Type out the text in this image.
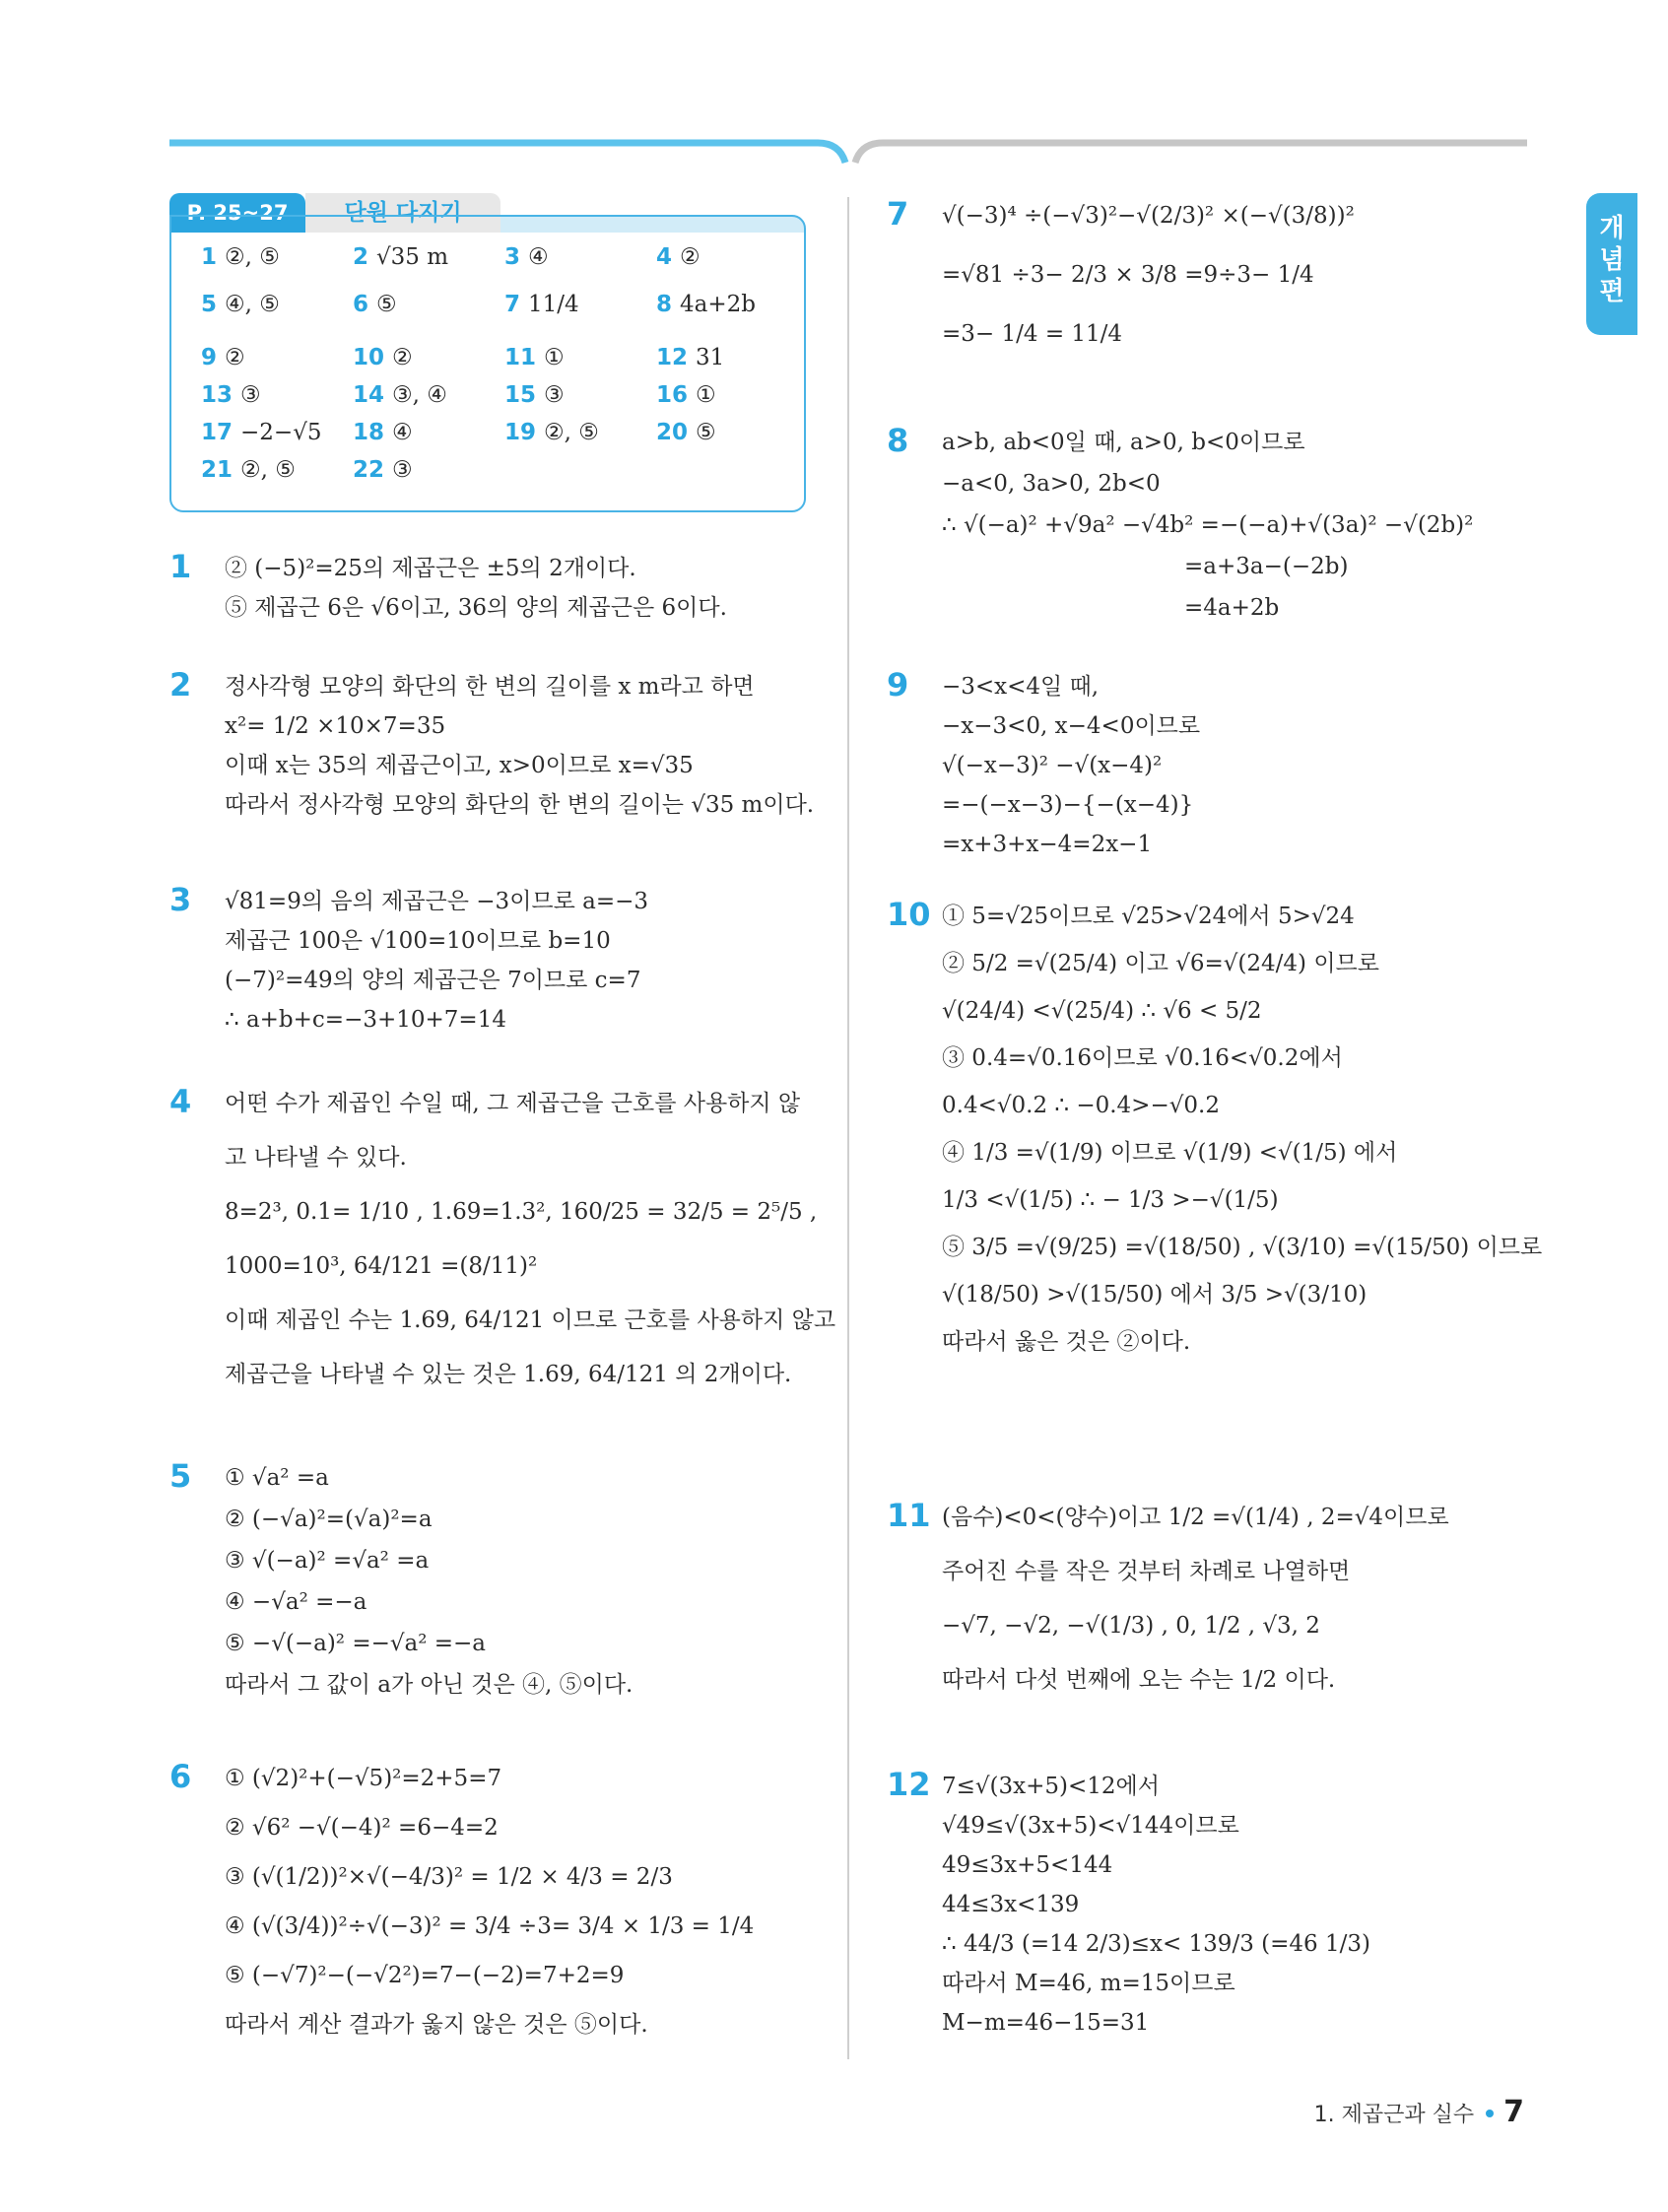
개념편
P. 25~27	단원 다지기
1 ②, ⑤	2 √35 m 3 ④	4 ②
5 ④, ⑤	6 ⑤	7 11/4	8 4a+2b
9 ②	10 ②	11 ①	12 31
13 ③	14 ③, ④	15 ③	16 ①
17 −2−√5 18 ④	19 ②, ⑤	20 ⑤
21 ②, ⑤	22 ③
1 ② (−5)²=25의 제곱근은 ±5의 2개이다.
⑤ 제곱근 6은 √6이고, 36의 양의 제곱근은 6이다.
2 정사각형 모양의 화단의 한 변의 길이를 x m라고 하면
x²= 1/2 ×10×7=35
이때 x는 35의 제곱근이고, x>0이므로 x=√35
따라서 정사각형 모양의 화단의 한 변의 길이는 √35 m이다.
3 √81=9의 음의 제곱근은 −3이므로 a=−3
제곱근 100은 √100=10이므로 b=10
(−7)²=49의 양의 제곱근은 7이므로 c=7
∴ a+b+c=−3+10+7=14
4 어떤 수가 제곱인 수일 때, 그 제곱근을 근호를 사용하지 않
고 나타낼 수 있다.
8=2³, 0.1= 1/10 , 1.69=1.3², 160/25 = 32/5 = 2⁵/5 ,
1000=10³, 64/121 =(8/11)²
이때 제곱인 수는 1.69, 64/121 이므로 근호를 사용하지 않고
제곱근을 나타낼 수 있는 것은 1.69, 64/121 의 2개이다.
5 ① √a² =a
② (−√a)²=(√a)²=a
③ √(−a)² =√a² =a
④ −√a² =−a
⑤ −√(−a)² =−√a² =−a
따라서 그 값이 a가 아닌 것은 ④, ⑤이다.
6 ① (√2)²+(−√5)²=2+5=7
② √6² −√(−4)² =6−4=2
③ (√(1/2))²×√(−4/3)² = 1/2 × 4/3 = 2/3
④ (√(3/4))²÷√(−3)² = 3/4 ÷3= 3/4 × 1/3 = 1/4
⑤ (−√7)²−(−√2²)=7−(−2)=7+2=9
따라서 계산 결과가 옳지 않은 것은 ⑤이다.
7 √(−3)⁴ ÷(−√3)²−√(2/3)² ×(−√(3/8))²
=√81 ÷3− 2/3 × 3/8 =9÷3− 1/4
=3− 1/4 = 11/4
8 a>b, ab<0일 때, a>0, b<0이므로
−a<0, 3a>0, 2b<0
∴ √(−a)² +√9a² −√4b² =−(−a)+√(3a)² −√(2b)²
=a+3a−(−2b)
=4a+2b
9 −3<x<4일 때,
−x−3<0, x−4<0이므로
√(−x−3)² −√(x−4)²
=−(−x−3)−{−(x−4)}
=x+3+x−4=2x−1
10 ① 5=√25이므로 √25>√24에서 5>√24
② 5/2 =√(25/4) 이고 √6=√(24/4) 이므로
√(24/4) <√(25/4) ∴ √6 < 5/2
③ 0.4=√0.16이므로 √0.16<√0.2에서
0.4<√0.2 ∴ −0.4>−√0.2
④ 1/3 =√(1/9) 이므로 √(1/9) <√(1/5) 에서
1/3 <√(1/5) ∴ − 1/3 >−√(1/5)
⑤ 3/5 =√(9/25) =√(18/50) , √(3/10) =√(15/50) 이므로
√(18/50) >√(15/50) 에서 3/5 >√(3/10)
따라서 옳은 것은 ②이다.
11 (음수)<0<(양수)이고 1/2 =√(1/4) , 2=√4이므로
주어진 수를 작은 것부터 차례로 나열하면
−√7, −√2, −√(1/3) , 0, 1/2 , √3, 2
따라서 다섯 번째에 오는 수는 1/2 이다.
12 7≤√(3x+5)<12에서
√49≤√(3x+5)<√144이므로
49≤3x+5<144
44≤3x<139
∴ 44/3 (=14 2/3)≤x< 139/3 (=46 1/3)
따라서 M=46, m=15이므로
M−m=46−15=31
1. 제곱근과 실수 7
